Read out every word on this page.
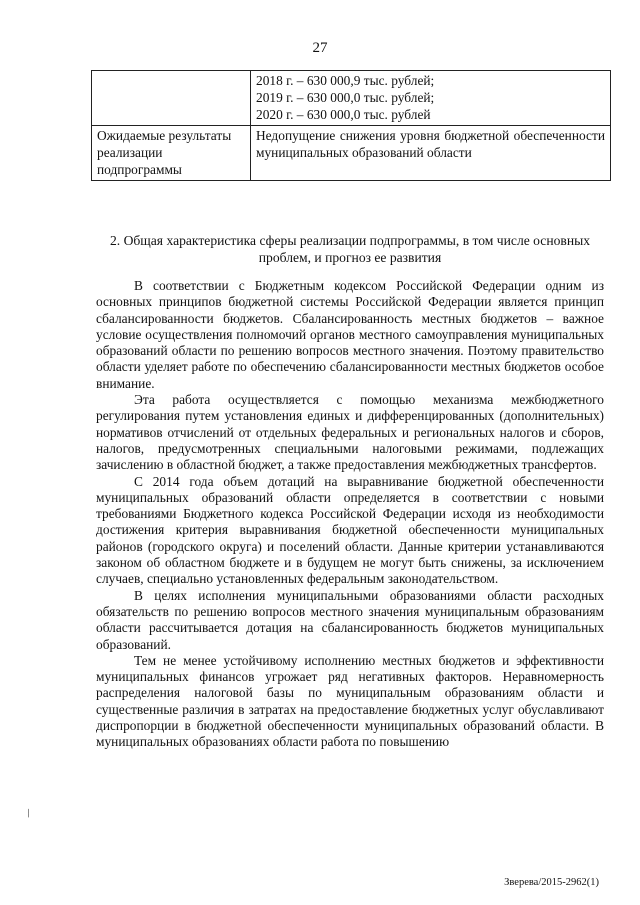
27

	2018 г. – 630 000,9 тыс. рублей;
2019 г. – 630 000,0 тыс. рублей;
2020 г. – 630 000,0 тыс. рублей

Ожидаемые результаты реализации подпрограммы	Недопущение снижения уровня бюджетной обеспеченности муниципальных образований области
2. Общая характеристика сферы реализации подпрограммы, в том числе основных проблем, и прогноз ее развития

В соответствии с Бюджетным кодексом Российской Федерации одним из основных принципов бюджетной системы Российской Федерации является принцип сбалансированности бюджетов. Сбалансированность местных бюджетов – важное условие осуществления полномочий органов местного самоуправления муниципальных образований области по решению вопросов местного значения. Поэтому правительство области уделяет работе по обеспечению сбалансированности местных бюджетов особое внимание.

Эта работа осуществляется с помощью механизма межбюджетного регулирования путем установления единых и дифференцированных (дополнительных) нормативов отчислений от отдельных федеральных и региональных налогов и сборов, налогов, предусмотренных специальными налоговыми режимами, подлежащих зачислению в областной бюджет, а также предоставления межбюджетных трансфертов.

С 2014 года объем дотаций на выравнивание бюджетной обеспеченности муниципальных образований области определяется в соответствии с новыми требованиями Бюджетного кодекса Российской Федерации исходя из необходимости достижения критерия выравнивания бюджетной обеспеченности муниципальных районов (городского округа) и поселений области. Данные критерии устанавливаются законом об областном бюджете и в будущем не могут быть снижены, за исключением случаев, специально установленных федеральным законодательством.

В целях исполнения муниципальными образованиями области расходных обязательств по решению вопросов местного значения муниципальным образованиям области рассчитывается дотация на сбалансированность бюджетов муниципальных образований.

Тем не менее устойчивому исполнению местных бюджетов и эффективности муниципальных финансов угрожает ряд негативных факторов. Неравномерность распределения налоговой базы по муниципальным образованиям области и существенные различия в затратах на предоставление бюджетных услуг обуславливают диспропорции в бюджетной обеспеченности муниципальных образований области. В муниципальных образованиях области работа по повышению

/
Зверева/2015-2962(1)
